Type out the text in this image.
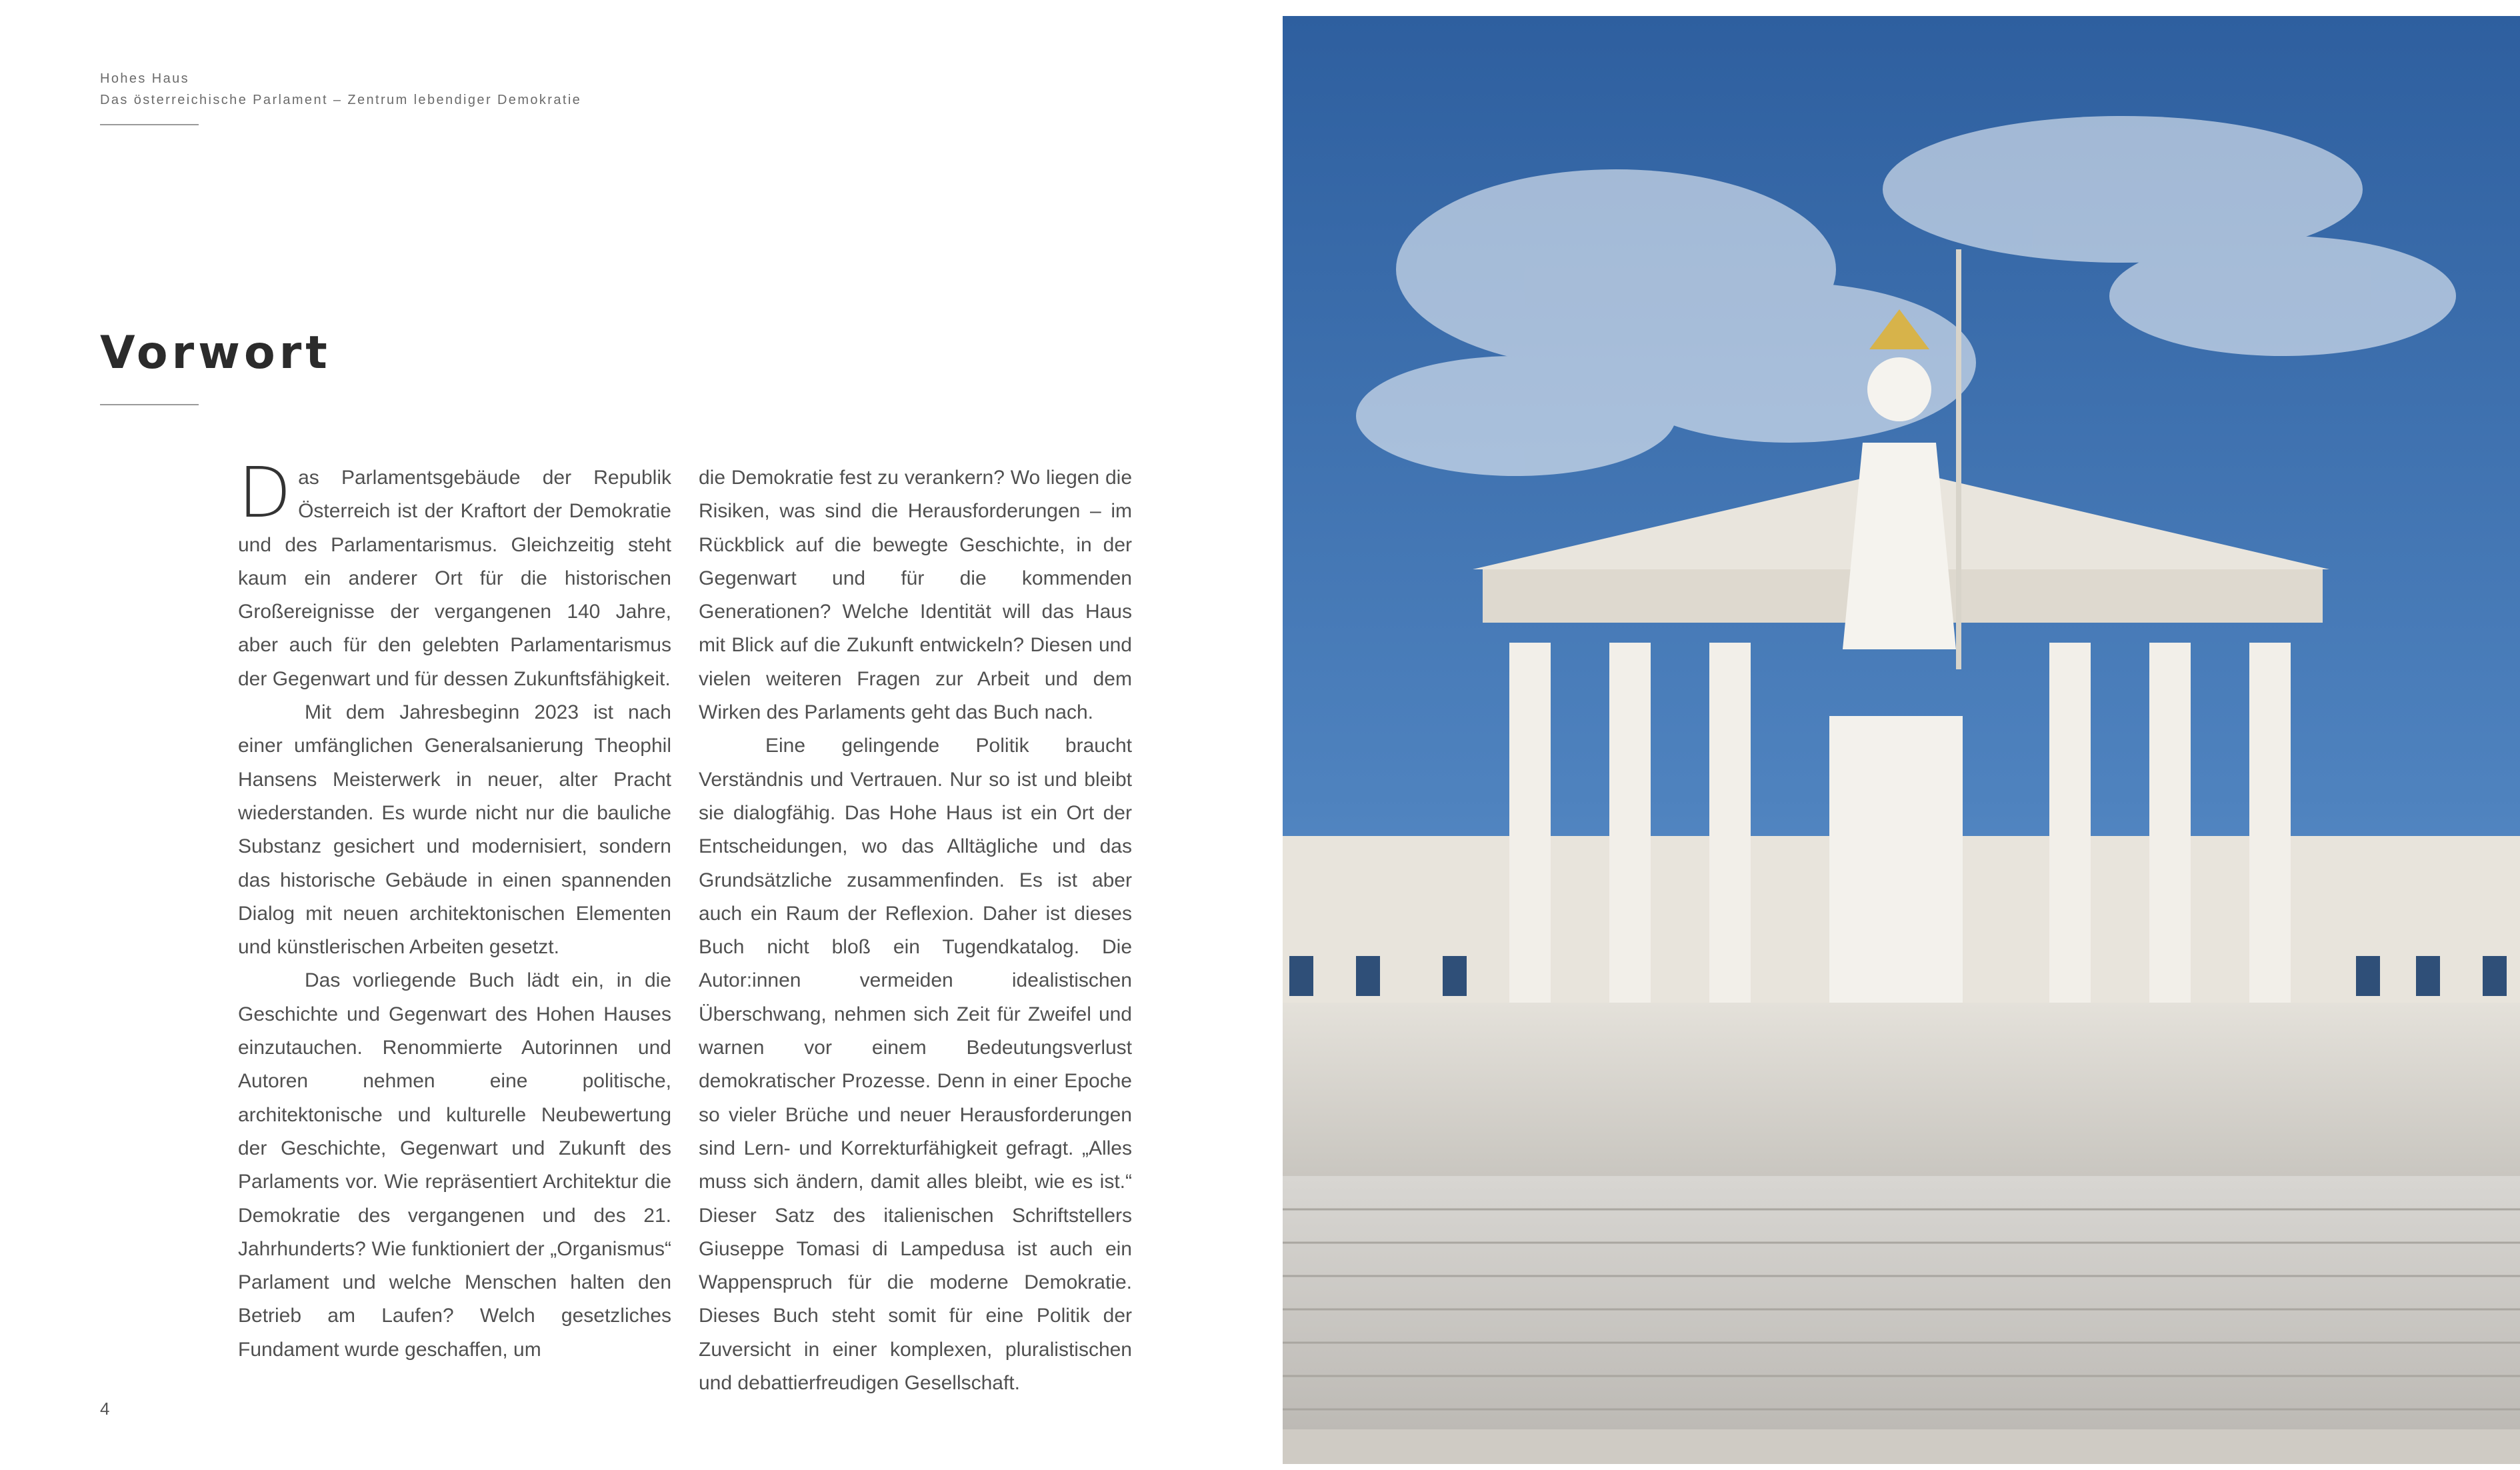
Hohes Haus
Das österreichische Parlament – Zentrum lebendiger Demokratie
Vorwort

Das Parlamentsgebäude der Republik Österreich ist der Kraftort der Demokratie und des Parlamentarismus. Gleichzeitig steht kaum ein anderer Ort für die historischen Großereignisse der vergangenen 140 Jahre, aber auch für den gelebten Parlamentarismus der Gegenwart und für dessen Zukunftsfähigkeit.

Mit dem Jahresbeginn 2023 ist nach einer umfänglichen Generalsanierung Theophil Hansens Meisterwerk in neuer, alter Pracht wiederstanden. Es wurde nicht nur die bauliche Substanz gesichert und modernisiert, sondern das historische Gebäude in einen spannenden Dialog mit neuen architektonischen Elementen und künstlerischen Arbeiten gesetzt.

Das vorliegende Buch lädt ein, in die Geschichte und Gegenwart des Hohen Hauses einzutauchen. Renommierte Autorinnen und Autoren nehmen eine politische, architektonische und kulturelle Neubewertung der Geschichte, Gegenwart und Zukunft des Parlaments vor. Wie repräsentiert Architektur die Demokratie des vergangenen und des 21. Jahrhunderts? Wie funktioniert der „Organismus“ Parlament und welche Menschen halten den Betrieb am Laufen? Welch gesetzliches Fundament wurde geschaffen, um

die Demokratie fest zu verankern? Wo liegen die Risiken, was sind die Herausforderungen – im Rückblick auf die bewegte Geschichte, in der Gegenwart und für die kommenden Generationen? Welche Identität will das Haus mit Blick auf die Zukunft entwickeln? Diesen und vielen weiteren Fragen zur Arbeit und dem Wirken des Parlaments geht das Buch nach.

Eine gelingende Politik braucht Verständnis und Vertrauen. Nur so ist und bleibt sie dialogfähig. Das Hohe Haus ist ein Ort der Entscheidungen, wo das Alltägliche und das Grundsätzliche zusammenfinden. Es ist aber auch ein Raum der Reflexion. Daher ist dieses Buch nicht bloß ein Tugendkatalog. Die Autor:innen vermeiden idealistischen Überschwang, nehmen sich Zeit für Zweifel und warnen vor einem Bedeutungsverlust demokratischer Prozesse. Denn in einer Epoche so vieler Brüche und neuer Herausforderungen sind Lern- und Korrekturfähigkeit gefragt. „Alles muss sich ändern, damit alles bleibt, wie es ist.“ Dieser Satz des italienischen Schriftstellers Giuseppe Tomasi di Lampedusa ist auch ein Wappenspruch für die moderne Demokratie. Dieses Buch steht somit für eine Politik der Zuversicht in einer komplexen, pluralistischen und debattierfreudigen Gesellschaft.

4
